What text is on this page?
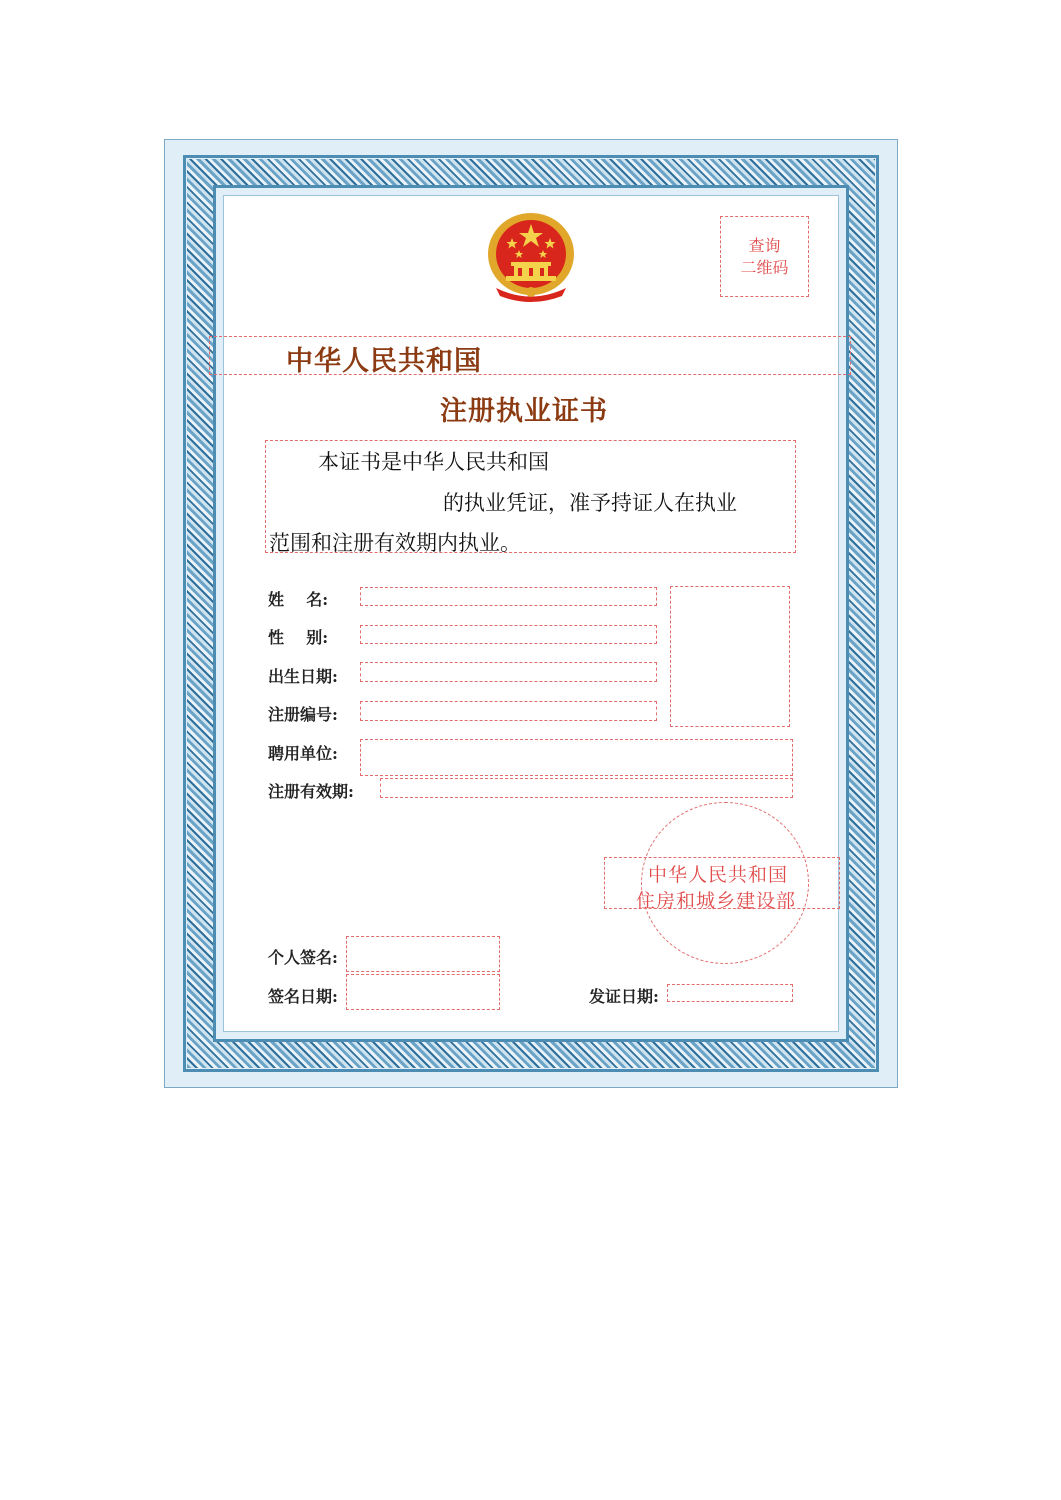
查询
二维码
中华人民共和国
注册执业证书
本证书是中华人民共和国
的执业凭证，准予持证人在执业
范围和注册有效期内执业。
姓    名:
性    别:
出生日期:
注册编号:
聘用单位:
注册有效期:
中华人民共和国
住房和城乡建设部
个人签名:
签名日期:	发证日期:
